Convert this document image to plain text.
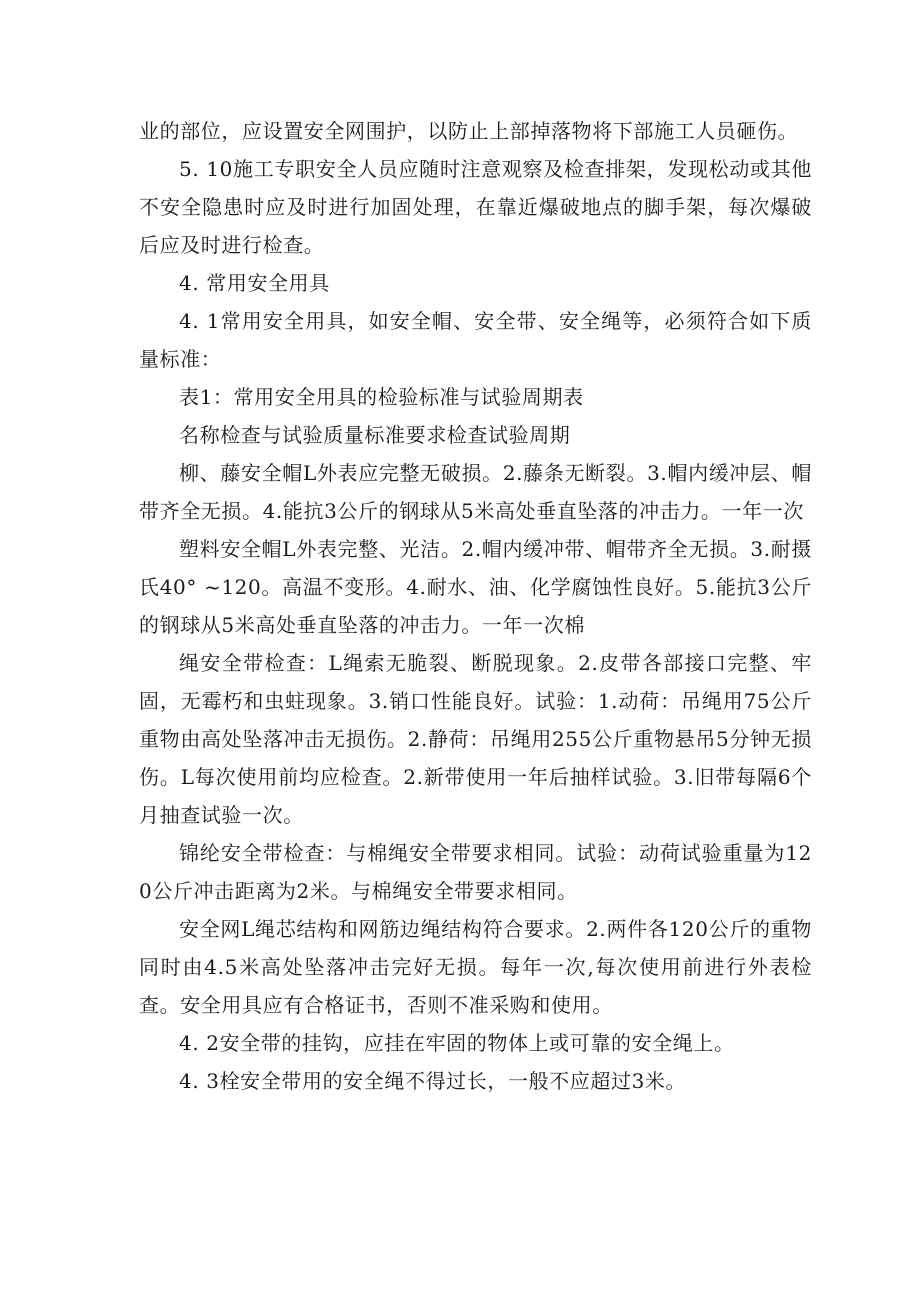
业的部位，应设置安全网围护，以防止上部掉落物将下部施工人员砸伤。

5. 10施工专职安全人员应随时注意观察及检查排架，发现松动或其他不安全隐患时应及时进行加固处理，在靠近爆破地点的脚手架，每次爆破后应及时进行检查。

4. 常用安全用具

4. 1常用安全用具，如安全帽、安全带、安全绳等，必须符合如下质量标准：

表1：常用安全用具的检验标准与试验周期表

名称检查与试验质量标准要求检查试验周期

柳、藤安全帽L外表应完整无破损。2.藤条无断裂。3.帽内缓冲层、帽带齐全无损。4.能抗3公斤的钢球从5米高处垂直坠落的冲击力。一年一次

塑料安全帽L外表完整、光洁。2.帽内缓冲带、帽带齐全无损。3.耐摄氏40° ~120。高温不变形。4.耐水、油、化学腐蚀性良好。5.能抗3公斤的钢球从5米高处垂直坠落的冲击力。一年一次棉

绳安全带检查：L绳索无脆裂、断脱现象。2.皮带各部接口完整、牢固，无霉朽和虫蛀现象。3.销口性能良好。试验：1.动荷：吊绳用75公斤重物由高处坠落冲击无损伤。2.静荷：吊绳用255公斤重物悬吊5分钟无损伤。L每次使用前均应检查。2.新带使用一年后抽样试验。3.旧带每隔6个月抽查试验一次。

锦纶安全带检查：与棉绳安全带要求相同。试验：动荷试验重量为120公斤冲击距离为2米。与棉绳安全带要求相同。

安全网L绳芯结构和网筋边绳结构符合要求。2.两件各120公斤的重物同时由4.5米高处坠落冲击完好无损。每年一次,每次使用前进行外表检查。安全用具应有合格证书，否则不准采购和使用。

4. 2安全带的挂钩，应挂在牢固的物体上或可靠的安全绳上。

4. 3栓安全带用的安全绳不得过长，一般不应超过3米。
